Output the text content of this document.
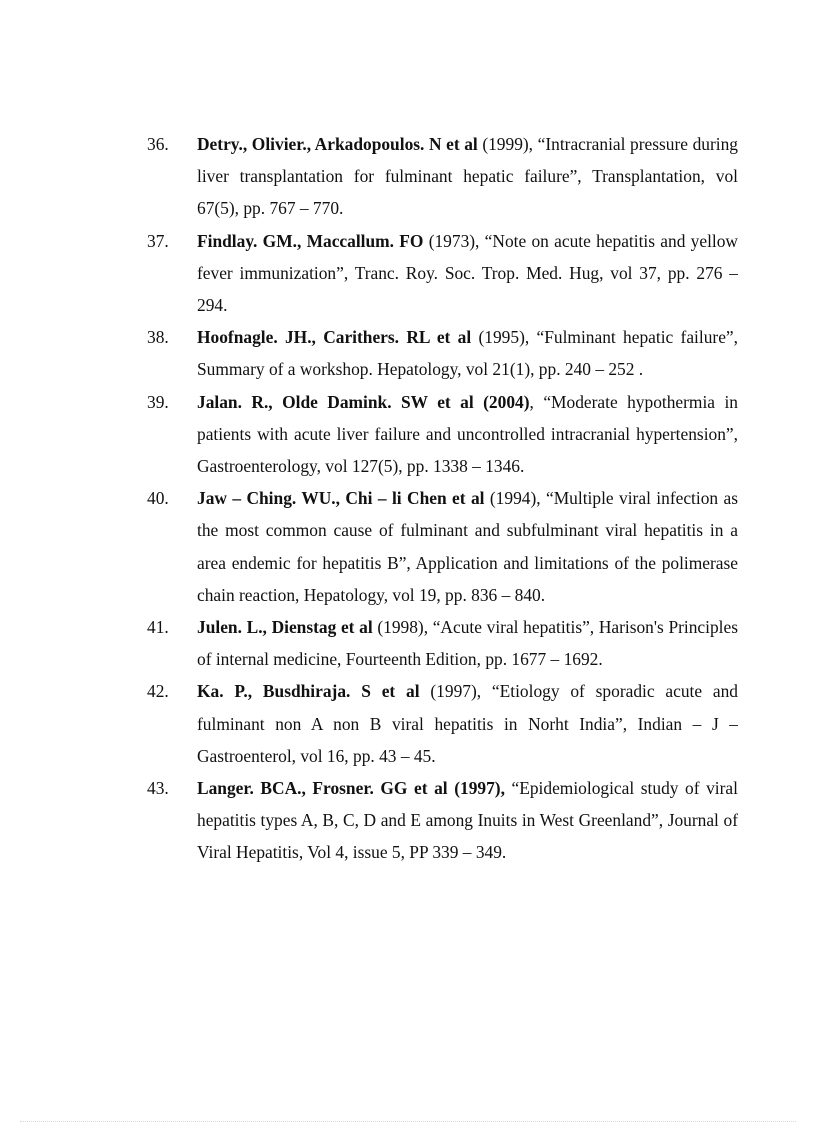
36.	Detry., Olivier., Arkadopoulos. N et al (1999), “Intracranial pressure during liver transplantation for fulminant hepatic failure”, Transplantation, vol 67(5), pp. 767 – 770.
37.	Findlay. GM., Maccallum. FO (1973), “Note on acute hepatitis and yellow fever immunization”, Tranc. Roy. Soc. Trop. Med. Hug, vol 37, pp. 276 – 294.
38.	Hoofnagle. JH., Carithers. RL et al (1995), “Fulminant hepatic failure”, Summary of a workshop. Hepatology, vol 21(1), pp. 240 – 252 .
39.	Jalan. R., Olde Damink. SW et al (2004), “Moderate hypothermia in patients with acute liver failure and uncontrolled intracranial hypertension”, Gastroenterology, vol 127(5), pp. 1338 – 1346.
40.	Jaw – Ching. WU., Chi – li Chen et al (1994), “Multiple viral infection as the most common cause of fulminant and subfulminant viral hepatitis in a area endemic for hepatitis B”, Application and limitations of the polimerase chain reaction, Hepatology, vol 19, pp. 836 – 840.
41.	Julen. L., Dienstag et al (1998), “Acute viral hepatitis”, Harison's Principles of internal medicine, Fourteenth Edition, pp. 1677 – 1692.
42.	Ka. P., Busdhiraja. S et al (1997), “Etiology of sporadic acute and fulminant non A non B viral hepatitis in Norht India”, Indian – J – Gastroenterol, vol 16, pp. 43 – 45.
43.	Langer. BCA., Frosner. GG et al (1997), “Epidemiological study of viral hepatitis types A, B, C, D and E among Inuits in West Greenland”, Journal of Viral Hepatitis, Vol 4, issue 5, PP 339 – 349.
